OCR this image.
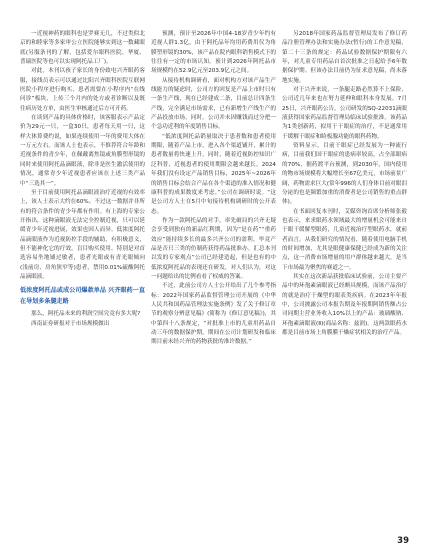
一近视神药的眼科也是罗赛无几，不过类似北京的和睦家等多家审公立医院能够实到这一数藏眼底(另服条刊的了解，包括爱尔眼科医院、华厦、普瑞医院等也可以实现阿托品工厂)。

对此，本刊以孩子家长的身份致电兴齐眼药客服，接线员表示可以通过比阳兴齐眼科医院互联网医院小程序进行购买，患者需要在小程序内“在线问诊”板块，上传三个月内的处方或者诊断以及既往病历处方单，由医生审核通过后方可开药。

在谈到产品的具体价格时，该客服表示产品定价为29元一只，一盒30只，患者每天用一只，这样大体算费约说，如果连续使用一年的费用大体在一万元左右。而该人士也表示，不推荐符合年龄和近视条件的青少年，在佩戴离焦镜或角膜塑形镜的同时来使用阿托品滴眼液，除非是医生激活使用的情况，通常青少年近视患者应该在上述三类产品中“三选其一”。

至于目前使用阿托品滴眼液治疗近视的有效率上，该人士表示大约在60%。不过这一数据并非所有的符合条件的青少年都有作用。有上海的专家公开指出，这种滴眼液无法完全控制近视，只可以延缓青少年近视进展，效果也因人而异。低浓度阿托品滴眼液作为近视防控手段的辅助，有积极意义，但不能神化它的疗效，盲目购买使用。特别是对首选容易坐地铺过敏者，患者光眼或有青光眼倾向(浅前房、房角狭窄等)患者，禁用0.01%硫酸阿托品滴眼液。

低浓度阿托品或成公司爆款单品 兴齐眼药一直在导划多条腿走路

那么，阿托品未来的利润空间究竟有多大呢?

西南证券研报对于市场规模做出

预测，预计至2026年中国4-18岁青少年约有近视人群1.3亿，由于阿托品年均用药费用仅为角膜塑形镜的30%，该产品在院内眼科销售模式下的往往有一定的市场认知。预计到2026年阿托品市场规模约在52.9亿元至203.9亿元之间。

从接待机构调研看，面对机构方对该产品生产线能力的疑虑时，公司方的回复是产品上市时只有一条生产线，现在已经建成二条，目前总计四条生产线，完全满足市场需求，已有新增生产线生产的产品投放市场。同时，公司并未因赚钱而过分把一个急功近利的年度销售目标。

“低浓度阿托品销量取决于患者数和患者使用期限，随着产品上市，进入各个渠道铺开，累计的患者数量将快速上升，同时，随着近视防控知识广泛科普，近视患者的使用期限会越来越长。2024年我们没有设定产品销售目标，2025年~2026年的销售目标会结合产品在各个渠道的准入情况和健康科普的成果数度来考虑。”公司在调研时说。“这是公司方人士在5月中旬接待机构调研时的公开表态。

作为一款阿托品的对手，率先破局的兴齐无疑会享受到独有的新品红利期，因为“是在药”“重药效应”能持续多长的最多兴齐公司的盈利，毕竟产品是否只三类的仿制药获得药品批准办。汇总本刊以发的专家观点”公司已经建造起，但是也有的中低浓度阿托品的表现还在研发，对人们认为，对这一问题给出的比例看看了权威的答案。

不过，此前公司方人士公开给出了几个参考指标：2022年国家药品监督管理公司开展的《中华人民共和国药品管理法实施条例》发了关于修订章节的观察分辨意见稿》(简称为《修订意见稿》)，其中第四十八条规定，“对批准上市的儿童用药品自动三年的数据保护期，期间在公司计划研发和临床期目前未经兴齐的药物获批的准许数据。”

另2018年国家药品监督管理局发布了修订药品注册管理办法和实施办法(暂行)的工作意见稿，第二十三条的规定：药品试验数据保护期限有六年，对儿童专用药品自首次批准之日起给予6年数据保护期。但该办法目前仍为征求意见稿，尚未落地实施。

对于兴齐来说，一条腿走路必然算不上保险，公司近几年来也在努力延伸和眼科本身发展。7月25日，兴齐眼药公告，公司研发的SQ-22031滴眼液获得国家药品监督管理局临床试验批准。该药品为1类创新药，拟用于干眼症的治疗，不是通常用于缓解干眼症和睑板腺功能的眼科药物。

资料显示，目前干眼症已经发展为一种流行病，目前我们国干眼症的患病率较高，占全部眼病的70%，据药渡平台预测，到2030年，国内使用的物市场规模将大幅增长至67亿美元，市场前景广阔，药物需求巨大(常年996的人们身体目前对眼泪分泌的也是频繁加重的消费者是公司销售的重点群体)。

在书面回复本刊时，艾媒咨询首席分析师张毅也表示，来求眼药水领域最大的增量机会可能来自于眼干缓解型眼药，儿童近视治疗型眼药水，就前者而言，从我们研究的情况看，随着使用电脑手机的时间增加，尤其是眼健康保健已经成为新的关注点，这一消费市场增量的用户群体越来越大，是当下市场最为聚焦的赛道之一。

其实在这次新品获批临床试验前，公司主要产品中的环孢素滴眼液已经颇具规模，而该产品治疗的就是治疗干燥型的眼表类疾病。在2023年年报中，公司披露公司本报告期及年报期阿销售额占公司同期主营业务收入10%以上的产品：玻璃酸钠、环孢素滴眼液(Ⅱ)(商品名称：兹润)。这两款眼药水都是目前市场上角膜膜干燥症状相关的治疗产品。

39
